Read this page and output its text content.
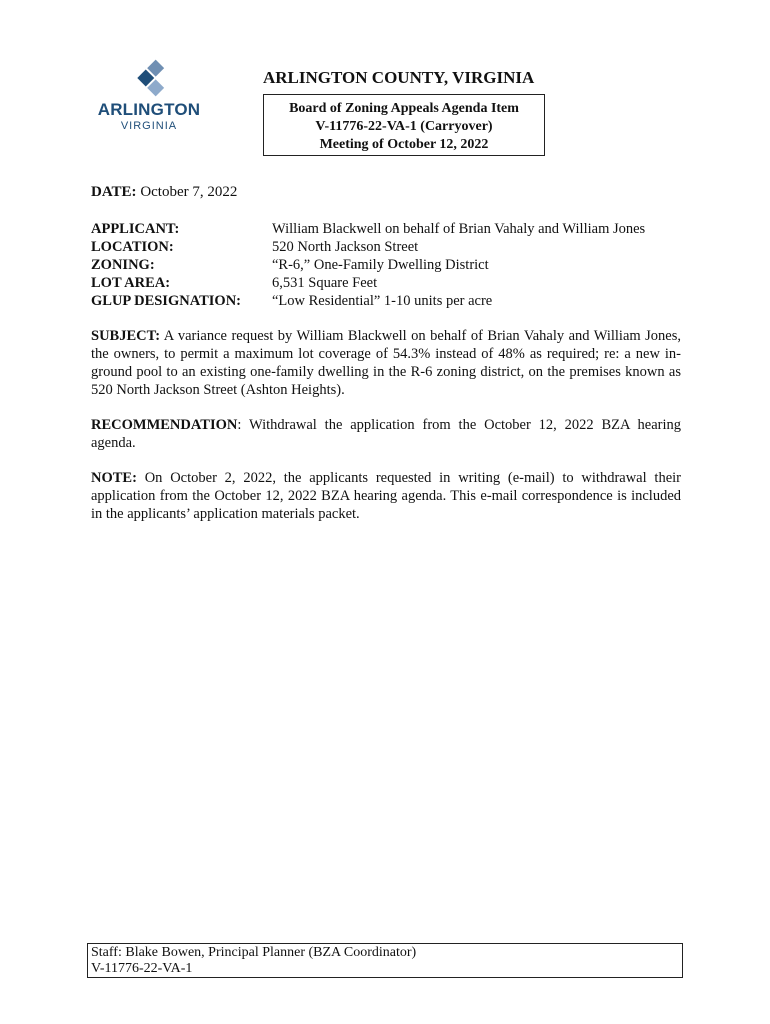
ARLINGTON
VIRGINIA
ARLINGTON COUNTY, VIRGINIA
Board of Zoning Appeals Agenda Item
V-11776-22-VA-1 (Carryover)
Meeting of October 12, 2022
DATE: October 7, 2022
APPLICANT:	William Blackwell on behalf of Brian Vahaly and William Jones
LOCATION:	520 North Jackson Street
ZONING:	“R-6,” One-Family Dwelling District
LOT AREA:	6,531 Square Feet
GLUP DESIGNATION: “Low Residential” 1-10 units per acre
SUBJECT: A variance request by William Blackwell on behalf of Brian Vahaly and William Jones, the owners, to permit a maximum lot coverage of 54.3% instead of 48% as required; re: a new in-ground pool to an existing one-family dwelling in the R-6 zoning district, on the premises known as 520 North Jackson Street (Ashton Heights).
RECOMMENDATION: Withdrawal the application from the October 12, 2022 BZA hearing agenda.
NOTE: On October 2, 2022, the applicants requested in writing (e-mail) to withdrawal their application from the October 12, 2022 BZA hearing agenda. This e-mail correspondence is included in the applicants’ application materials packet.
Staff: Blake Bowen, Principal Planner (BZA Coordinator)
V-11776-22-VA-1
